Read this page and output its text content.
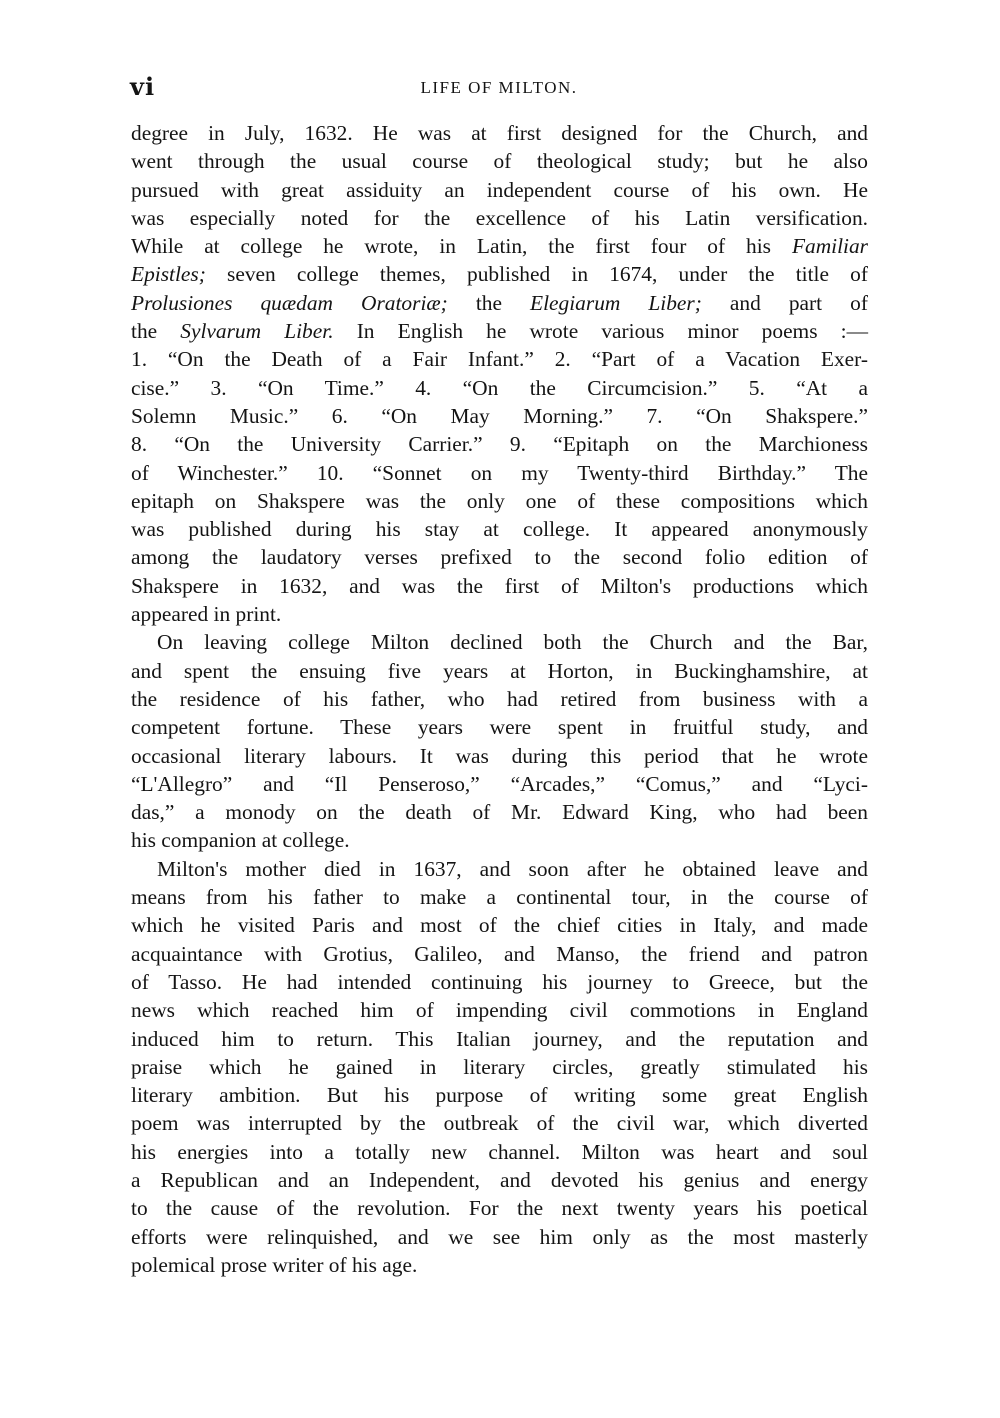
vi	LIFE OF MILTON.
degree in July, 1632. He was at first designed for the Church, and
went through the usual course of theological study; but he also
pursued with great assiduity an independent course of his own. He
was especially noted for the excellence of his Latin versification.
While at college he wrote, in Latin, the first four of his Familiar
Epistles; seven college themes, published in 1674, under the title of
Prolusiones quædam Oratoriæ; the Elegiarum Liber; and part of
the Sylvarum Liber. In English he wrote various minor poems :—
1. “On the Death of a Fair Infant.” 2. “Part of a Vacation Exer-
cise.” 3. “On Time.” 4. “On the Circumcision.” 5. “At a
Solemn Music.” 6. “On May Morning.” 7. “On Shakspere.”
8. “On the University Carrier.” 9. “Epitaph on the Marchioness
of Winchester.” 10. “Sonnet on my Twenty-third Birthday.” The
epitaph on Shakspere was the only one of these compositions which
was published during his stay at college. It appeared anonymously
among the laudatory verses prefixed to the second folio edition of
Shakspere in 1632, and was the first of Milton's productions which
appeared in print.
On leaving college Milton declined both the Church and the Bar,
and spent the ensuing five years at Horton, in Buckinghamshire, at
the residence of his father, who had retired from business with a
competent fortune. These years were spent in fruitful study, and
occasional literary labours. It was during this period that he wrote
“L'Allegro” and “Il Penseroso,” “Arcades,” “Comus,” and “Lyci-
das,” a monody on the death of Mr. Edward King, who had been
his companion at college.
Milton's mother died in 1637, and soon after he obtained leave and
means from his father to make a continental tour, in the course of
which he visited Paris and most of the chief cities in Italy, and made
acquaintance with Grotius, Galileo, and Manso, the friend and patron
of Tasso. He had intended continuing his journey to Greece, but the
news which reached him of impending civil commotions in England
induced him to return. This Italian journey, and the reputation and
praise which he gained in literary circles, greatly stimulated his
literary ambition. But his purpose of writing some great English
poem was interrupted by the outbreak of the civil war, which diverted
his energies into a totally new channel. Milton was heart and soul
a Republican and an Independent, and devoted his genius and energy
to the cause of the revolution. For the next twenty years his poetical
efforts were relinquished, and we see him only as the most masterly
polemical prose writer of his age.
